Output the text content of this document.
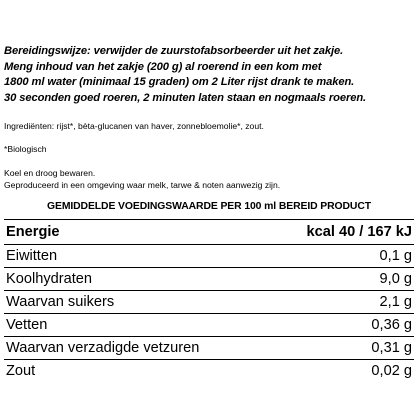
Bereidingswijze: verwijder de zuurstofabsorbeerder uit het zakje.
Meng inhoud van het zakje (200 g) al roerend in een kom met
1800 ml water (minimaal 15 graden) om 2 Liter rijst drank te maken.
30 seconden goed roeren, 2 minuten laten staan en nogmaals roeren.
Ingrediënten: rijst*, bèta-glucanen van haver, zonnebloemolie*, zout.
*Biologisch
Koel en droog bewaren.
Geproduceerd in een omgeving waar melk, tarwe & noten aanwezig zijn.
GEMIDDELDE VOEDINGSWAARDE PER 100 ml BEREID PRODUCT
Energie	kcal 40 / 167 kJ
Eiwitten	0,1 g
Koolhydraten	9,0 g
Waarvan suikers	2,1 g
Vetten	0,36 g
Waarvan verzadigde vetzuren	0,31 g
Zout	0,02 g
